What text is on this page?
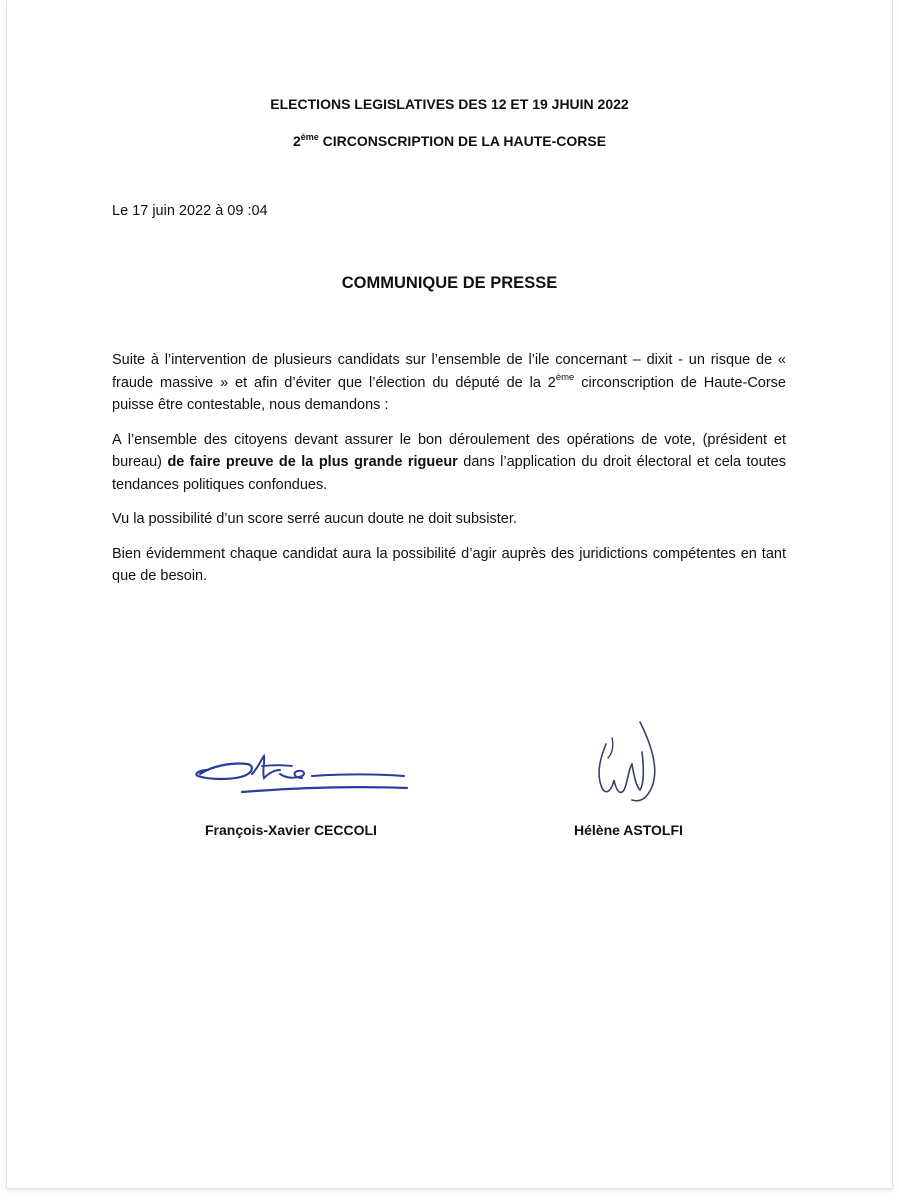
ELECTIONS LEGISLATIVES DES 12 ET 19 JHUIN 2022
2ème CIRCONSCRIPTION DE LA HAUTE-CORSE
Le 17 juin 2022 à 09 :04
COMMUNIQUE DE PRESSE

Suite à l’intervention de plusieurs candidats sur l’ensemble de l’ile concernant – dixit - un risque de « fraude massive » et afin d’éviter que l’élection du député de la 2ème circonscription de Haute-Corse puisse être contestable, nous demandons :

A l’ensemble des citoyens devant assurer le bon déroulement des opérations de vote, (président et bureau) de faire preuve de la plus grande rigueur dans l’application du droit électoral et cela toutes tendances politiques confondues.

Vu la possibilité d’un score serré aucun doute ne doit subsister.

Bien évidemment chaque candidat aura la possibilité d’agir auprès des juridictions compétentes en tant que de besoin.

François-Xavier CECCOLI	Hélène ASTOLFI
